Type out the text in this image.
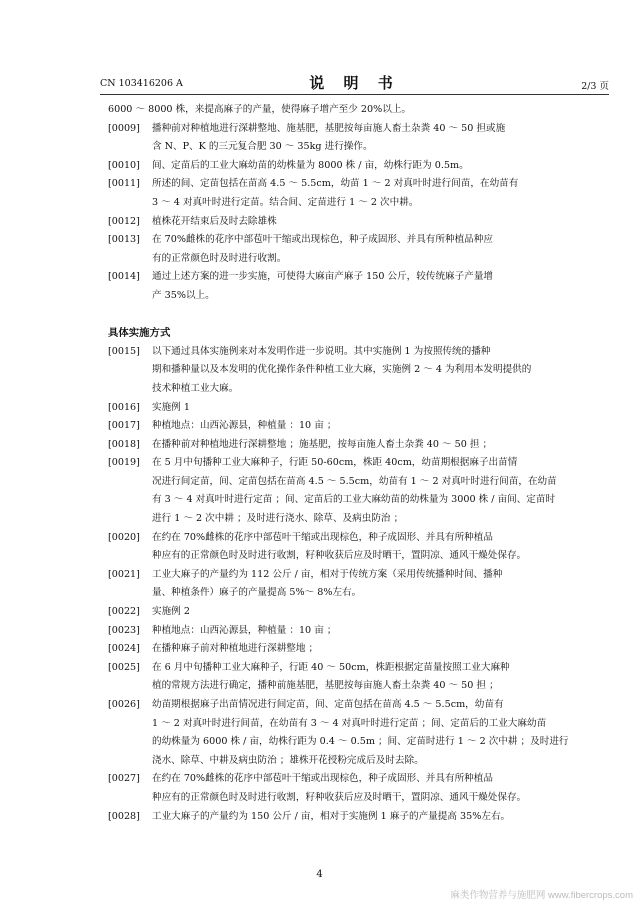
CN 103416206 A	说 明 书	2/3 页
6000 ～ 8000 株，来提高麻子的产量，使得麻子增产至少 20%以上。
[0009]	播种前对种植地进行深耕整地、施基肥，基肥按每亩施人畜土杂粪 40 ～ 50 担或施
含 N、P、K 的三元复合肥 30 ～ 35kg 进行操作。
[0010]	间、定苗后的工业大麻幼苗的幼株量为 8000 株 / 亩，幼株行距为 0.5m。
[0011]	所述的间、定苗包括在苗高 4.5 ～ 5.5cm，幼苗 1 ～ 2 对真叶时进行间苗，在幼苗有
3 ～ 4 对真叶时进行定苗。结合间、定苗进行 1 ～ 2 次中耕。
[0012]	植株花开结束后及时去除雄株
[0013]	在 70%雌株的花序中部苞叶干缩或出现棕色，种子成固形、并具有所种植品种应
有的正常颜色时及时进行收割。
[0014]	通过上述方案的进一步实施，可使得大麻亩产麻子 150 公斤，较传统麻子产量增
产 35%以上。
具体实施方式
[0015]	以下通过具体实施例来对本发明作进一步说明。其中实施例 1 为按照传统的播种
期和播种量以及本发明的优化操作条件种植工业大麻，实施例 2 ～ 4 为利用本发明提供的
技术种植工业大麻。
[0016]	实施例 1
[0017]	种植地点：山西沁源县，种植量 ：10 亩 ；
[0018]	在播种前对种植地进行深耕整地 ；施基肥，按每亩施人畜土杂粪 40 ～ 50 担 ；
[0019]	在 5 月中旬播种工业大麻种子，行距 50-60cm，株距 40cm，幼苗期根据麻子出苗情
况进行间定苗，间、定苗包括在苗高 4.5 ～ 5.5cm，幼苗有 1 ～ 2 对真叶时进行间苗，在幼苗
有 3 ～ 4 对真叶时进行定苗 ；间、定苗后的工业大麻幼苗的幼株量为 3000 株 / 亩间、定苗时
进行 1 ～ 2 次中耕 ；及时进行浇水、除草、及病虫防治 ；
[0020]	在约在 70%雌株的花序中部苞叶干缩或出现棕色，种子成固形、并具有所种植品
种应有的正常颜色时及时进行收割，籽种收获后应及时晒干，置阴凉、通风干燥处保存。
[0021]	工业大麻子的产量约为 112 公斤 / 亩，相对于传统方案（采用传统播种时间、播种
量、种植条件）麻子的产量提高 5%～ 8%左右。
[0022]	实施例 2
[0023]	种植地点：山西沁源县，种植量 ：10 亩 ；
[0024]	在播种麻子前对种植地进行深耕整地 ；
[0025]	在 6 月中旬播种工业大麻种子，行距 40 ～ 50cm，株距根据定苗量按照工业大麻种
植的常规方法进行确定，播种前施基肥，基肥按每亩施人畜土杂粪 40 ～ 50 担 ；
[0026]	幼苗期根据麻子出苗情况进行间定苗，间、定苗包括在苗高 4.5 ～ 5.5cm，幼苗有
1 ～ 2 对真叶时进行间苗，在幼苗有 3 ～ 4 对真叶时进行定苗 ；间、定苗后的工业大麻幼苗
的幼株量为 6000 株 / 亩，幼株行距为 0.4 ～ 0.5m ；间、定苗时进行 1 ～ 2 次中耕 ；及时进行
浇水、除草、中耕及病虫防治 ；雄株开花授粉完成后及时去除。
[0027]	在约在 70%雌株的花序中部苞叶干缩或出现棕色，种子成固形、并具有所种植品
种应有的正常颜色时及时进行收割，籽种收获后应及时晒干，置阴凉、通风干燥处保存。
[0028]	工业大麻子的产量约为 150 公斤 / 亩，相对于实施例 1 麻子的产量提高 35%左右。
4
麻类作物营养与施肥网 www.fibercrops.com
